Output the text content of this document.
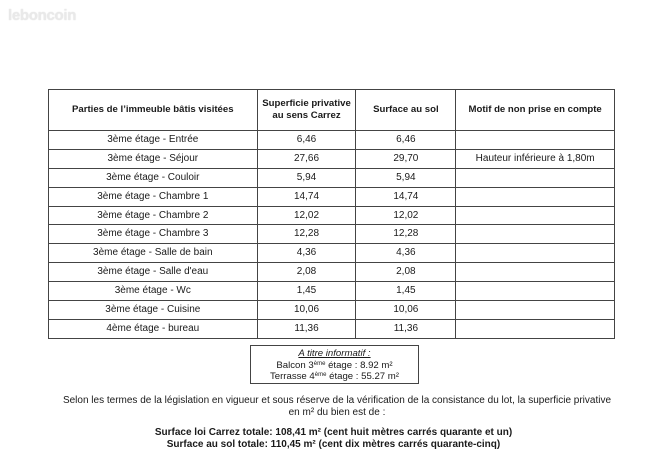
leboncoin
Parties de l’immeuble bâtis visitées	Superficie privative au sens Carrez	Surface au sol	Motif de non prise en compte
3ème étage - Entrée	6,46	6,46	
3ème étage - Séjour	27,66	29,70	Hauteur inférieure à 1,80m
3ème étage - Couloir	5,94	5,94	
3ème étage - Chambre 1	14,74	14,74	
3ème étage - Chambre 2	12,02	12,02	
3ème étage - Chambre 3	12,28	12,28	
3ème étage - Salle de bain	4,36	4,36	
3ème étage - Salle d'eau	2,08	2,08	
3ème étage - Wc	1,45	1,45	
3ème étage - Cuisine	10,06	10,06	
4ème étage - bureau	11,36	11,36	
A titre informatif :
Balcon 3ème étage : 8.92 m²
Terrasse 4ème étage : 55.27 m²
Selon les termes de la législation en vigueur et sous réserve de la vérification de la consistance du lot, la superficie privative en m² du bien est de :
Surface loi Carrez totale: 108,41 m² (cent huit mètres carrés quarante et un)
Surface au sol totale: 110,45 m² (cent dix mètres carrés quarante-cinq)
